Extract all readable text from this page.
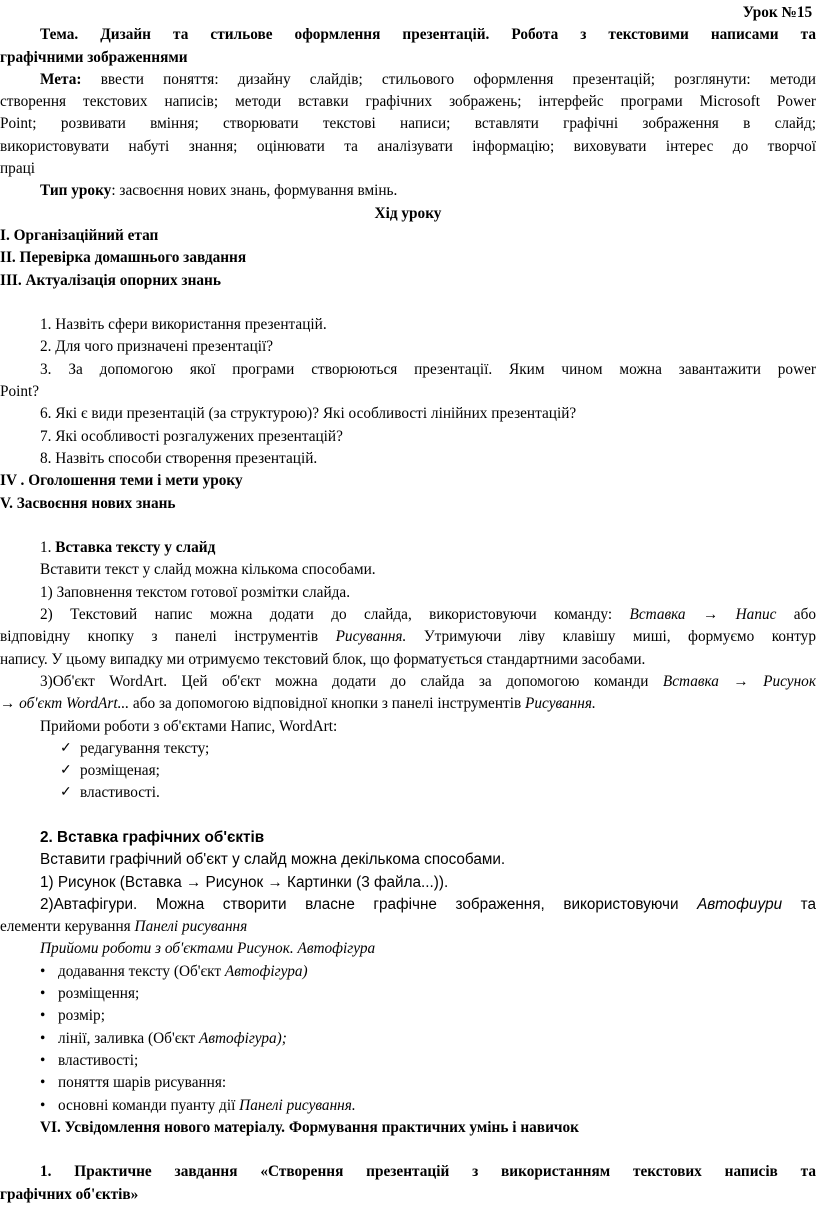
Урок №15
Тема. Дизайн та стильове оформлення презентацій. Робота з текстовими написами та
графічними зображеннями
Мета: ввести поняття: дизайну слайдів; стильового оформлення презентацій; розглянути: методи
створення текстових написів; методи вставки графічних зображень; інтерфейс програми Microsoft Power
Point; розвивати вміння; створювати текстові написи; вставляти графічні зображення в слайд;
використовувати набуті знання; оцінювати та аналізувати інформацію; виховувати інтерес до творчої
праці
Тип уроку: засвоєння нових знань, формування вмінь.
Хід уроку
I. Організаційний етап
II. Перевірка домашнього завдання
III. Актуалізація опорних знань
1. Назвіть сфери використання презентацій.
2. Для чого призначені презентації?
3. За допомогою якої програми створюються презентації. Яким чином можна завантажити power
Point?
6. Які є види презентацій (за структурою)? Які особливості лінійних презентацій?
7. Які особливості розгалужених презентацій?
8. Назвіть способи створення презентацій.
IV . Оголошення теми і мети уроку
V. Засвоєння нових знань
1. Вставка тексту у слайд
Вставити текст у слайд можна кількома способами.
1) Заповнення текстом готової розмітки слайда.
2) Текстовий напис можна додати до слайда, використовуючи команду: Вставка → Напис або
відповідну кнопку з панелі інструментів Рисування. Утримуючи ліву клавішу миші, формуємо контур
напису. У цьому випадку ми отримуємо текстовий блок, що форматується стандартними засобами.
3)Об'єкт WordArt. Цей об'єкт можна додати до слайда за допомогою команди Вставка → Рисунок
→ об'єкт WordArt... або за допомогою відповідної кнопки з панелі інструментів Рисування.
Прийоми роботи з об'єктами Напис, WordArt:
✓ редагування тексту;
✓ розміщеная;
✓ властивості.
2. Вставка графічних об'єктів
Вставити графічний об'єкт у слайд можна декількома способами.
1) Рисунок (Вставка → Рисунок → Картинки (3 файла...)).
2)Автафігури. Можна створити власне графічне зображення, використовуючи Автофиури та
елементи керування Панелі рисування
Прийоми роботи з об'єктами Рисунок. Автофігура
• додавання тексту (Об'єкт Автофігура)
• розміщення;
• розмір;
• лінії, заливка (Об'єкт Автофігура);
• властивості;
• поняття шарів рисування:
• основні команди пуанту дії Панелі рисування.
VI. Усвідомлення нового матеріалу. Формування практичних умінь і навичок
1. Практичне завдання «Створення презентацій з використанням текстових написів та
графічних об'єктів»
